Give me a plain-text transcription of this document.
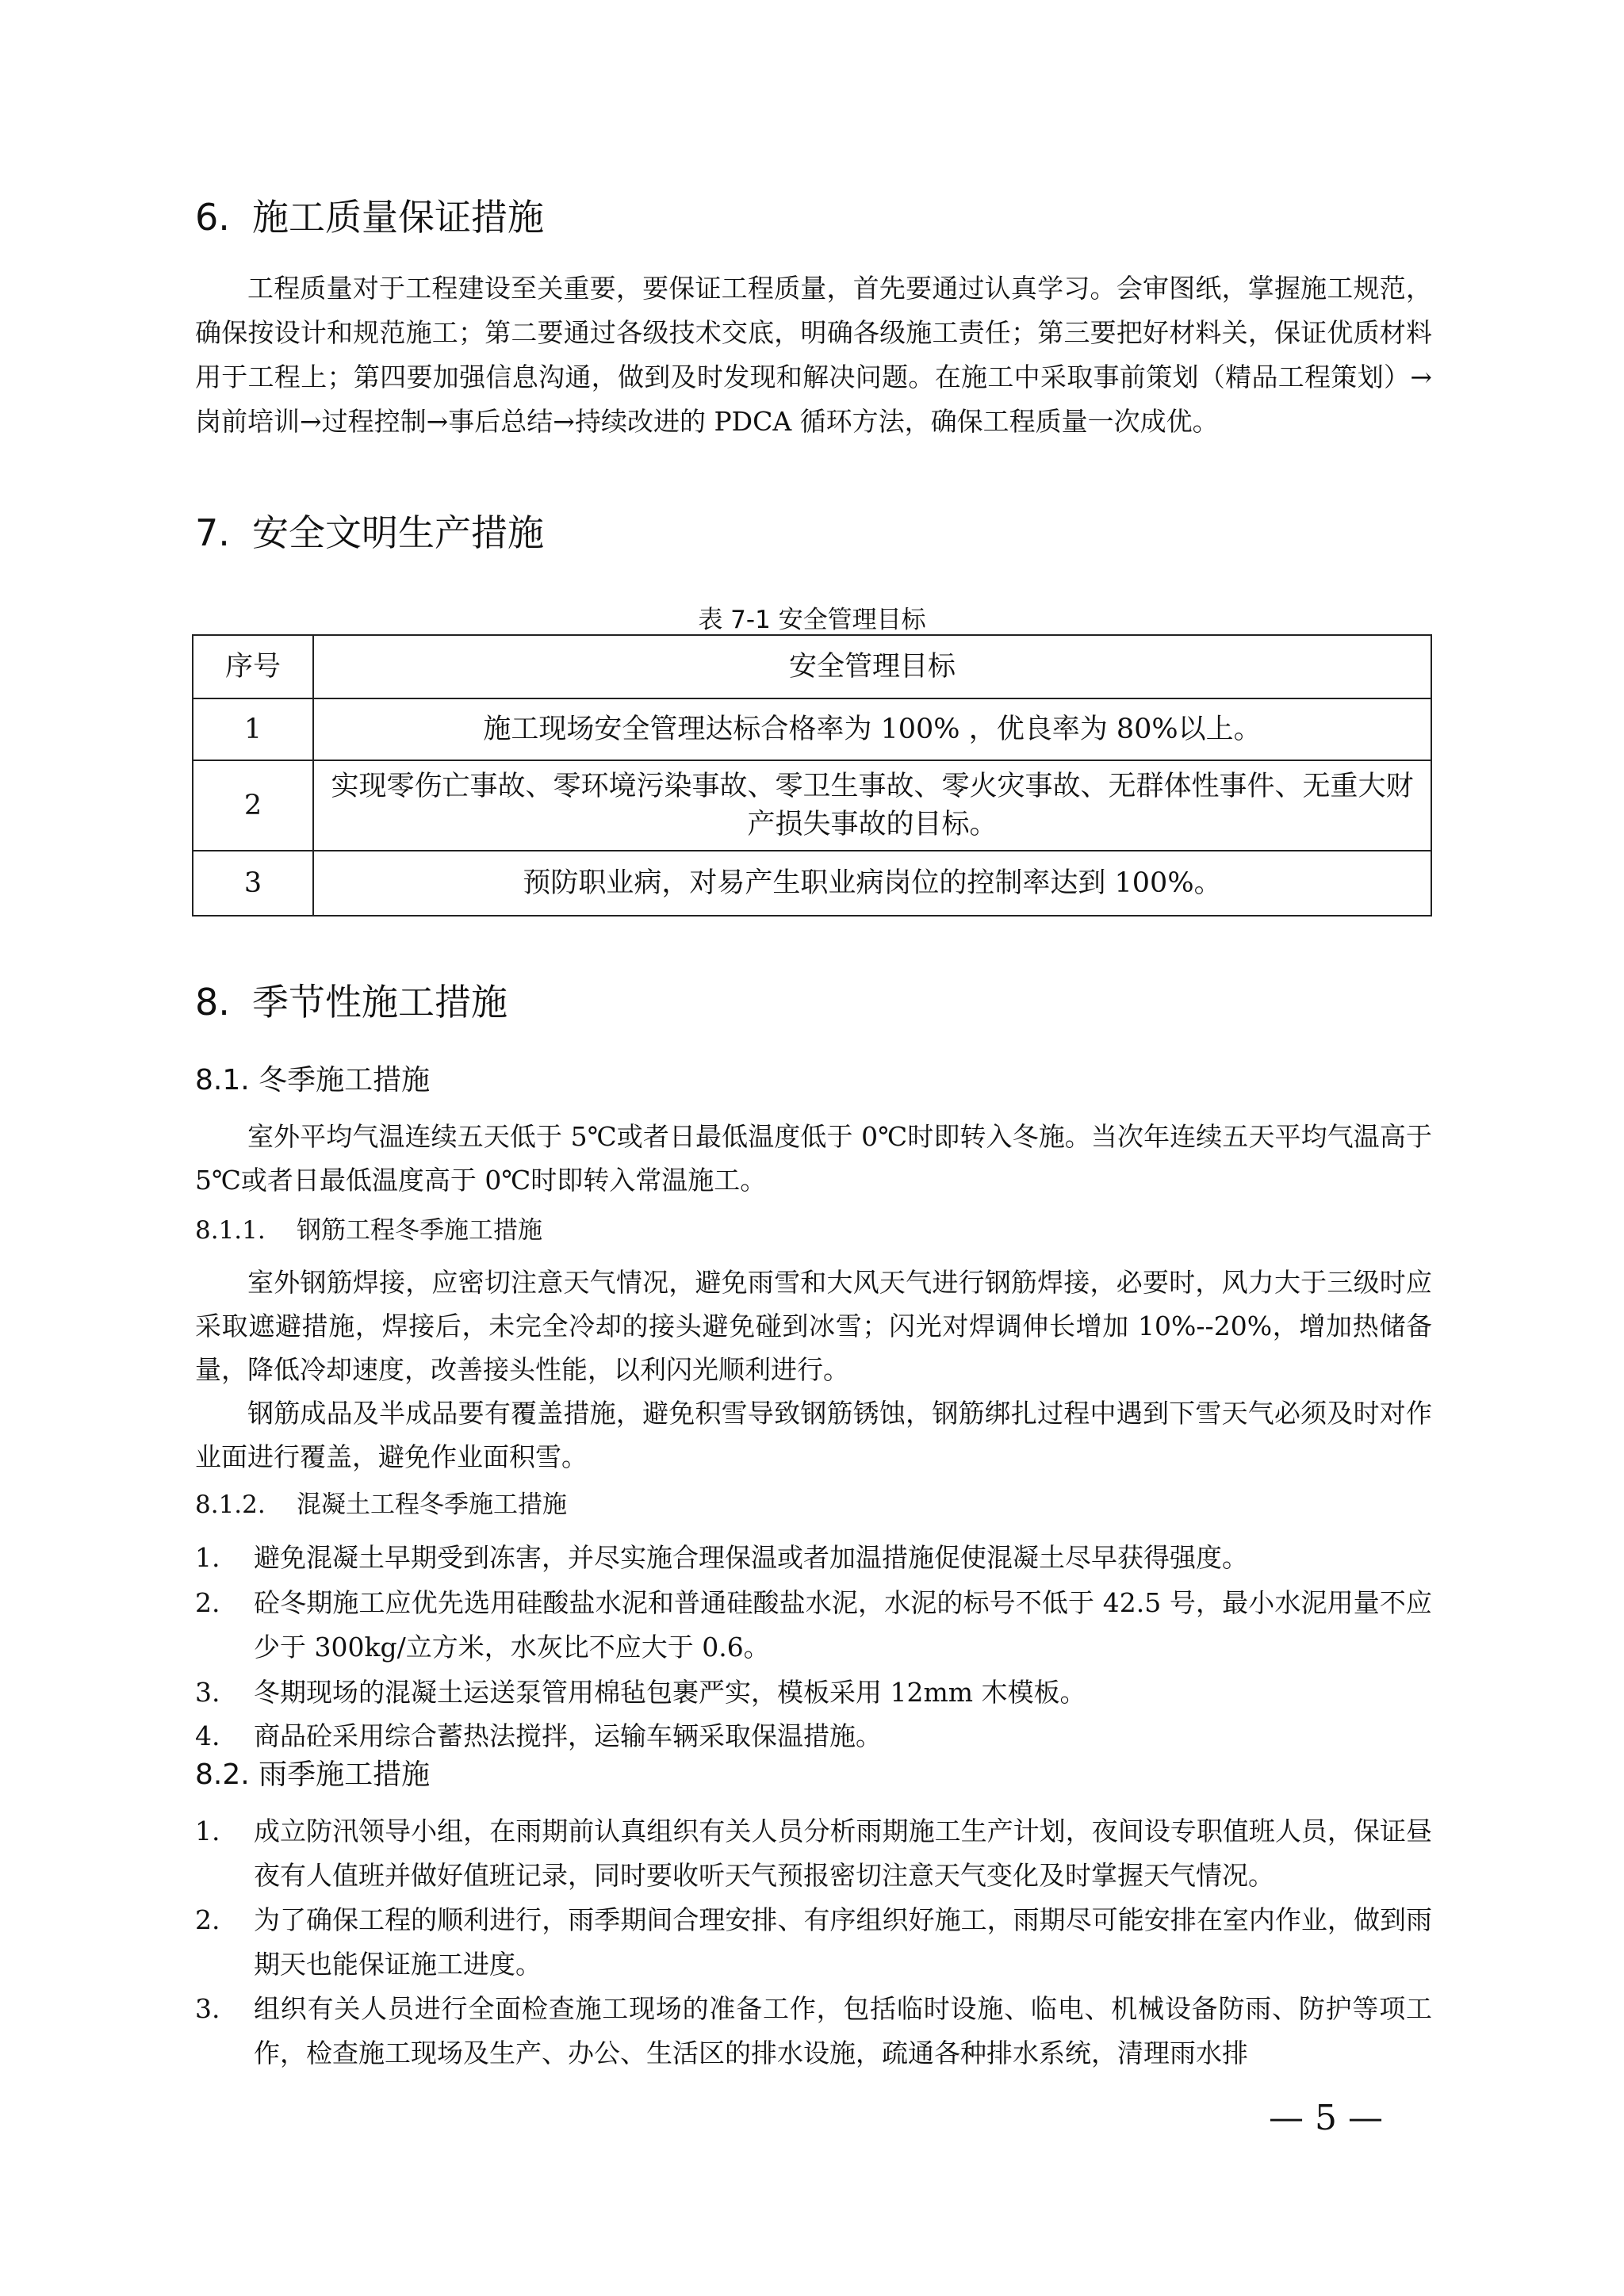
6. 施工质量保证措施
工程质量对于工程建设至关重要，要保证工程质量，首先要通过认真学习。会审图纸，掌握施工规范，确保按设计和规范施工；第二要通过各级技术交底，明确各级施工责任；第三要把好材料关，保证优质材料用于工程上；第四要加强信息沟通，做到及时发现和解决问题。在施工中采取事前策划（精品工程策划）→岗前培训→过程控制→事后总结→持续改进的 PDCA 循环方法，确保工程质量一次成优。
7. 安全文明生产措施
表 7-1 安全管理目标
序号	安全管理目标
1	施工现场安全管理达标合格率为 100% ，优良率为 80%以上。
2	实现零伤亡事故、零环境污染事故、零卫生事故、零火灾事故、无群体性事件、无重大财产损失事故的目标。
3	预防职业病，对易产生职业病岗位的控制率达到 100%。
8. 季节性施工措施
8.1. 冬季施工措施
室外平均气温连续五天低于 5℃或者日最低温度低于 0℃时即转入冬施。当次年连续五天平均气温高于 5℃或者日最低温度高于 0℃时即转入常温施工。
8.1.1. 钢筋工程冬季施工措施
室外钢筋焊接，应密切注意天气情况，避免雨雪和大风天气进行钢筋焊接，必要时，风力大于三级时应采取遮避措施，焊接后，未完全冷却的接头避免碰到冰雪；闪光对焊调伸长增加 10%--20%，增加热储备量，降低冷却速度，改善接头性能，以利闪光顺利进行。
钢筋成品及半成品要有覆盖措施，避免积雪导致钢筋锈蚀，钢筋绑扎过程中遇到下雪天气必须及时对作业面进行覆盖，避免作业面积雪。
8.1.2. 混凝土工程冬季施工措施
1.	避免混凝土早期受到冻害，并尽实施合理保温或者加温措施促使混凝土尽早获得强度。
2.	砼冬期施工应优先选用硅酸盐水泥和普通硅酸盐水泥，水泥的标号不低于 42.5 号，最小水泥用量不应少于 300kg/立方米，水灰比不应大于 0.6。
3.	冬期现场的混凝土运送泵管用棉毡包裹严实，模板采用 12mm 木模板。
4.	商品砼采用综合蓄热法搅拌，运输车辆采取保温措施。
8.2. 雨季施工措施
1.	成立防汛领导小组，在雨期前认真组织有关人员分析雨期施工生产计划，夜间设专职值班人员，保证昼夜有人值班并做好值班记录，同时要收听天气预报密切注意天气变化及时掌握天气情况。
2.	为了确保工程的顺利进行，雨季期间合理安排、有序组织好施工，雨期尽可能安排在室内作业，做到雨期天也能保证施工进度。
3.	组织有关人员进行全面检查施工现场的准备工作，包括临时设施、临电、机械设备防雨、防护等项工作，检查施工现场及生产、办公、生活区的排水设施，疏通各种排水系统，清理雨水排
— 5 —
